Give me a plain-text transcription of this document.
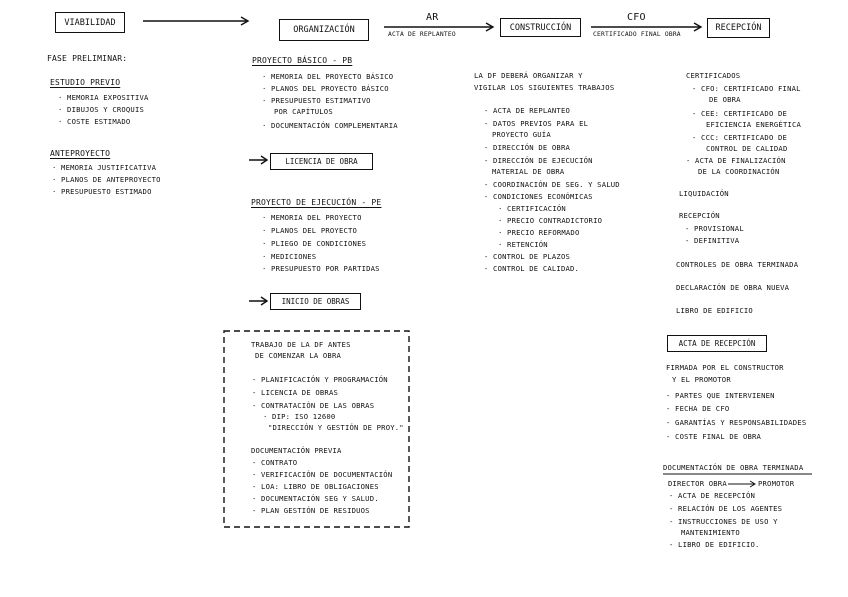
VIABILIDAD
ORGANIZACIÓN	CONSTRUCCIÓN	RECEPCIÓN
AR
ACTA DE REPLANTEO
CFO
CERTIFICADO FINAL OBRA
FASE PRELIMINAR:
ESTUDIO PREVIO
· MEMORIA EXPOSITIVA
· DIBUJOS Y CROQUIS
· COSTE ESTIMADO
ANTEPROYECTO
· MEMORIA JUSTIFICATIVA
· PLANOS DE ANTEPROYECTO
· PRESUPUESTO ESTIMADO
PROYECTO BÁSICO - PB
· MEMORIA DEL PROYECTO BÁSICO
· PLANOS DEL PROYECTO BÁSICO
· PRESUPUESTO ESTIMATIVO
POR CAPÍTULOS
· DOCUMENTACIÓN COMPLEMENTARIA
LICENCIA DE OBRA
PROYECTO DE EJECUCIÓN - PE
· MEMORIA DEL PROYECTO
· PLANOS DEL PROYECTO
· PLIEGO DE CONDICIONES
· MEDICIONES
· PRESUPUESTO POR PARTIDAS
INICIO DE OBRAS
TRABAJO DE LA DF ANTES
DE COMENZAR LA OBRA
- PLANIFICACIÓN Y PROGRAMACIÓN
- LICENCIA DE OBRAS
- CONTRATACIÓN DE LAS OBRAS
· DIP: ISO 12600
"DIRECCIÓN Y GESTIÓN DE PROY."
DOCUMENTACIÓN PREVIA
- CONTRATO
- VERIFICACIÓN DE DOCUMENTACIÓN
- LOA: LIBRO DE OBLIGACIONES
- DOCUMENTACIÓN SEG Y SALUD.
- PLAN GESTIÓN DE RESIDUOS
LA DF DEBERÁ ORGANIZAR Y
VIGILAR LOS SIGUIENTES TRABAJOS
- ACTA DE REPLANTEO
- DATOS PREVIOS PARA EL
PROYECTO GUÍA
- DIRECCIÓN DE OBRA
- DIRECCIÓN DE EJECUCIÓN
MATERIAL DE OBRA
- COORDINACIÓN DE SEG. Y SALUD
- CONDICIONES ECONÓMICAS
· CERTIFICACIÓN
· PRECIO CONTRADICTORIO
· PRECIO REFORMADO
· RETENCIÓN
- CONTROL DE PLAZOS
- CONTROL DE CALIDAD.
CERTIFICADOS
- CFO: CERTIFICADO FINAL
DE OBRA
- CEE: CERTIFICADO DE
EFICIENCIA ENERGÉTICA
- CCC: CERTIFICADO DE
CONTROL DE CALIDAD
- ACTA DE FINALIZACIÓN
DE LA COORDINACIÓN
LIQUIDACIÓN
RECEPCIÓN
- PROVISIONAL
- DEFINITIVA
CONTROLES DE OBRA TERMINADA
DECLARACIÓN DE OBRA NUEVA
LIBRO DE EDIFICIO
ACTA DE RECEPCIÓN
FIRMADA POR EL CONSTRUCTOR
Y EL PROMOTOR
- PARTES QUE INTERVIENEN
- FECHA DE CFO
- GARANTÍAS Y RESPONSABILIDADES
- COSTE FINAL DE OBRA
DOCUMENTACIÓN DE OBRA TERMINADA
DIRECTOR OBRA	PROMOTOR
- ACTA DE RECEPCIÓN
- RELACIÓN DE LOS AGENTES
- INSTRUCCIONES DE USO Y
MANTENIMIENTO
- LIBRO DE EDIFICIO.
